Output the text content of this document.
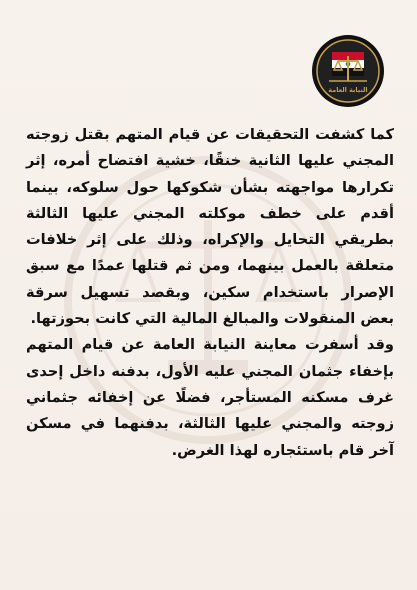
النيابة العامة

كما كشفت التحقيقات عن قيام المتهم بقتل زوجته المجني عليها الثانية خنقًا، خشية افتضاح أمره، إثر تكرارها مواجهته بشأن شكوكها حول سلوكه، بينما أقدم على خطف موكلته المجني عليها الثالثة بطريقي التحايل والإكراه، وذلك على إثر خلافات متعلقة بالعمل بينهما، ومن ثم قتلها عمدًا مع سبق الإصرار باستخدام سكين، وبقصد تسهيل سرقة بعض المنقولات والمبالغ المالية التي كانت بحوزتها.

وقد أسفرت معاينة النيابة العامة عن قيام المتهم بإخفاء جثمان المجني عليه الأول، بدفنه داخل إحدى غرف مسكنه المستأجر، فضلًا عن إخفائه جثماني زوجته والمجني عليها الثالثة، بدفنهما في مسكن آخر قام باستئجاره لهذا الغرض.
